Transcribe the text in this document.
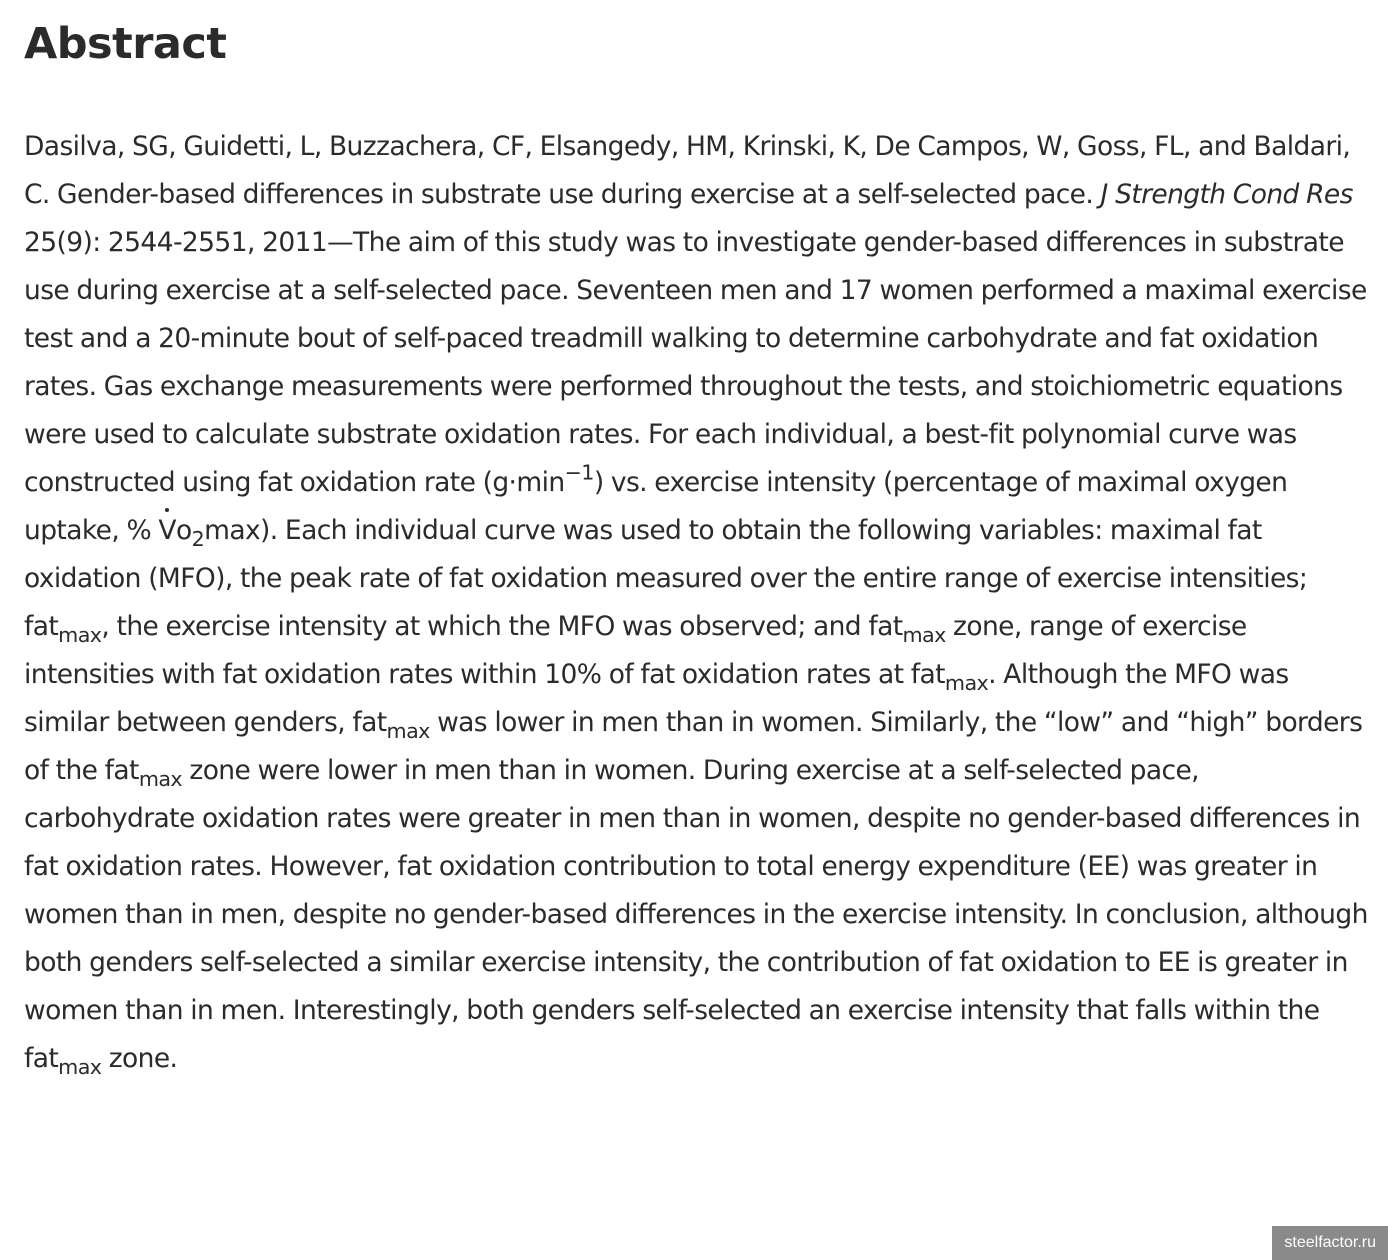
Abstract

Dasilva, SG, Guidetti, L, Buzzachera, CF, Elsangedy, HM, Krinski, K, De Campos, W, Goss, FL, and Baldari, C. Gender-based differences in substrate use during exercise at a self-selected pace. J Strength Cond Res 25(9): 2544-2551, 2011—The aim of this study was to investigate gender-based differences in substrate use during exercise at a self-selected pace. Seventeen men and 17 women performed a maximal exercise test and a 20-minute bout of self-paced treadmill walking to determine carbohydrate and fat oxidation rates. Gas exchange measurements were performed throughout the tests, and stoichiometric equations were used to calculate substrate oxidation rates. For each individual, a best-fit polynomial curve was constructed using fat oxidation rate $(g\cdot\min^{-1})$ vs. exercise intensity (percentage of maximal oxygen uptake, % $Vo_2\max$). Each individual curve was used to obtain the following variables: maximal fat oxidation (MFO), the peak rate of fat oxidation measured over the entire range of exercise intensities; fat$_{max}$, the exercise intensity at which the MFO was observed; and fat$_{max}$ zone, range of exercise intensities with fat oxidation rates within 10% of fat oxidation rates at fat$_{max}$. Although the MFO was similar between genders, fat$_{max}$ was lower in men than in women. Similarly, the “low” and “high” borders of the fat$_{max}$ zone were lower in men than in women. During exercise at a self-selected pace, carbohydrate oxidation rates were greater in men than in women, despite no gender-based differences in fat oxidation rates. However, fat oxidation contribution to total energy expenditure (EE) was greater in women than in men, despite no gender-based differences in the exercise intensity. In conclusion, although both genders self-selected a similar exercise intensity, the contribution of fat oxidation to EE is greater in women than in men. Interestingly, both genders self-selected an exercise intensity that falls within the fat$_{max}$ zone.

steelfactor.ru
